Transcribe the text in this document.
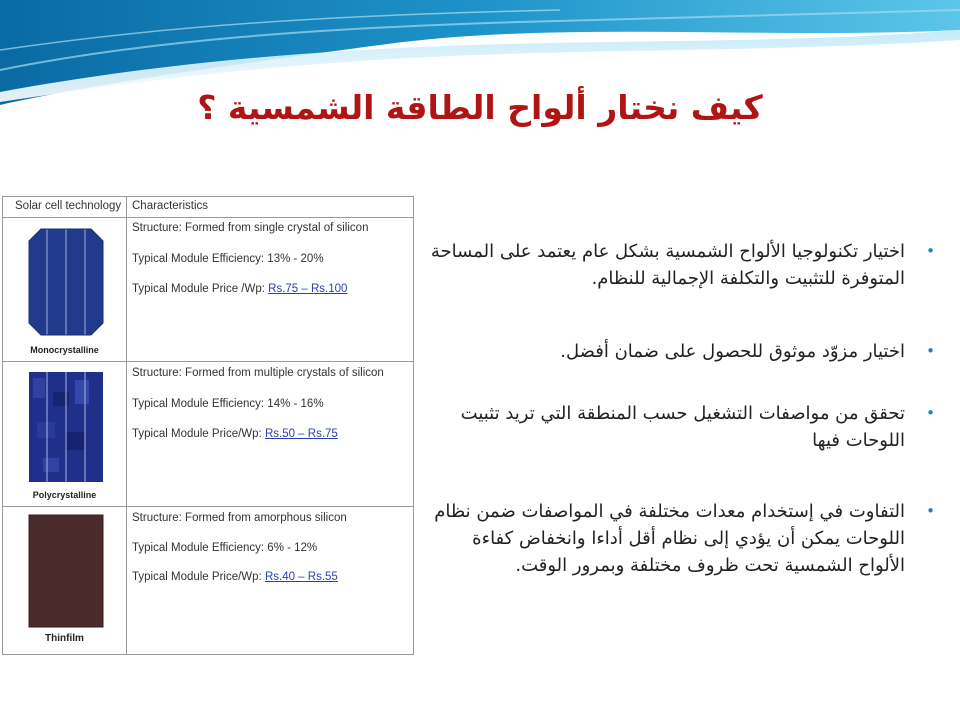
كيف نختار ألواح الطاقة الشمسية ؟
Solar cell technology Characteristics
Monocrystalline
Structure: Formed from single crystal of silicon
Typical Module Efficiency: 13% - 20%
Typical Module Price /Wp: Rs.75 – Rs.100
Polycrystalline
Structure: Formed from multiple crystals of silicon
Typical Module Efficiency: 14% - 16%
Typical Module Price/Wp: Rs.50 – Rs.75
Thinfilm
Structure: Formed from amorphous silicon
Typical Module Efficiency: 6% - 12%
Typical Module Price/Wp: Rs.40 – Rs.55
•
اختيار تكنولوجيا الألواح الشمسية بشكل عام يعتمد على المساحة المتوفرة للتثبيت والتكلفة الإجمالية للنظام.
•
اختيار مزوّد موثوق للحصول على ضمان أفضل.
•
تحقق من مواصفات التشغيل حسب المنطقة التي تريد تثبيت اللوحات فيها
•
التفاوت في إستخدام معدات مختلفة في المواصفات ضمن نظام اللوحات يمكن أن يؤدي إلى نظام أقل أداءا وانخفاض كفاءة الألواح الشمسية تحت ظروف مختلفة وبمرور الوقت.
